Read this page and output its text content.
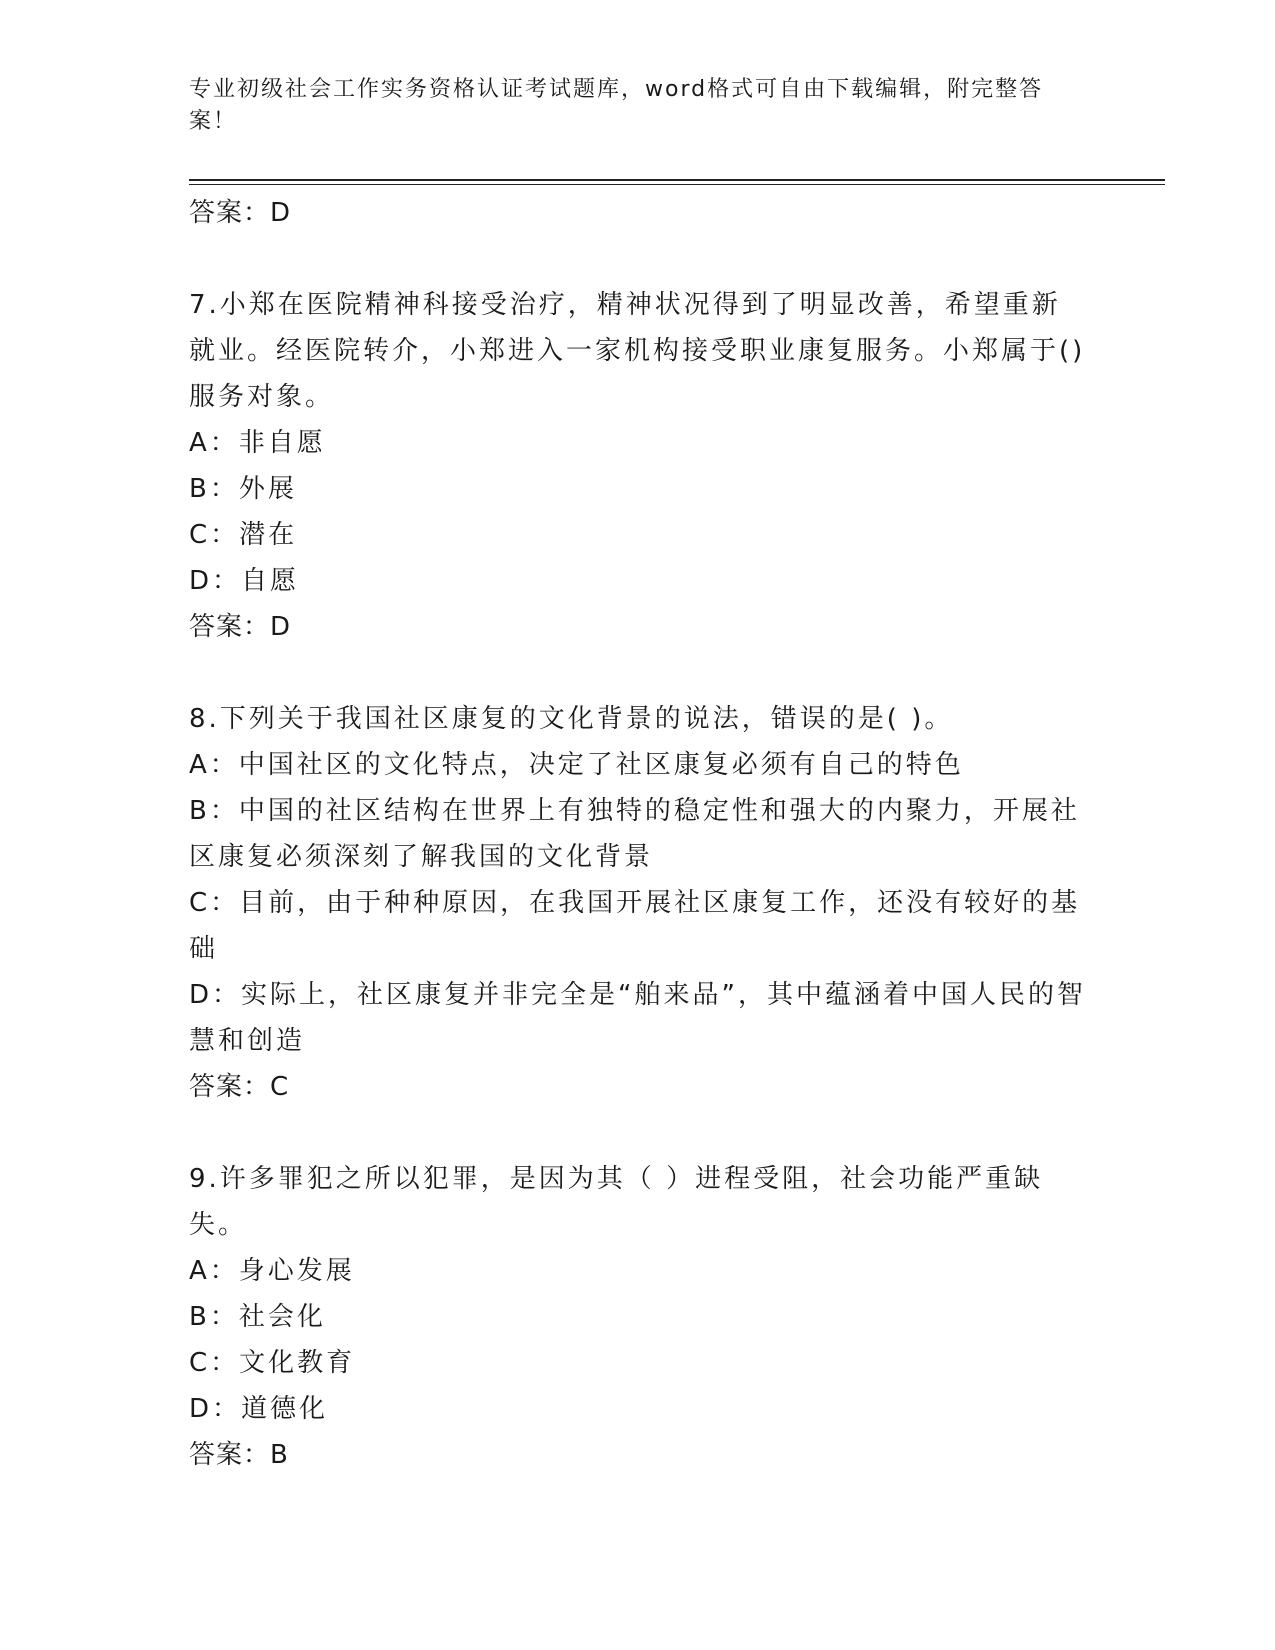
专业初级社会工作实务资格认证考试题库，word格式可自由下载编辑，附完整答案！

答案：D

7.小郑在医院精神科接受治疗，精神状况得到了明显改善，希望重新就业。经医院转介，小郑进入一家机构接受职业康复服务。小郑属于()服务对象。

A：非自愿

B：外展

C：潜在

D：自愿

答案：D

8.下列关于我国社区康复的文化背景的说法，错误的是( )。

A：中国社区的文化特点，决定了社区康复必须有自己的特色

B：中国的社区结构在世界上有独特的稳定性和强大的内聚力，开展社区康复必须深刻了解我国的文化背景

C：目前，由于种种原因，在我国开展社区康复工作，还没有较好的基础

D：实际上，社区康复并非完全是“舶来品”，其中蕴涵着中国人民的智慧和创造

答案：C

9.许多罪犯之所以犯罪，是因为其（ ）进程受阻，社会功能严重缺失。

A：身心发展

B：社会化

C：文化教育

D：道德化

答案：B
